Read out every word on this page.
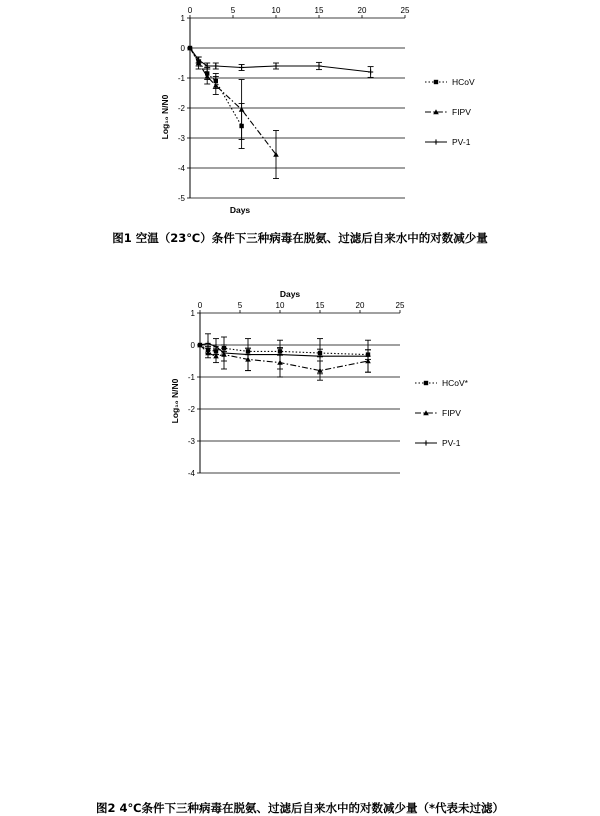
0	5	10	15	20	25
1
0
-1
-2
-3
-4
-5
Log₁₀ N/N0
Days
HCoV
FIPV
PV-1
图1 空温（23℃）条件下三种病毒在脱氨、过滤后自来水中的对数减少量
0	5	10	15	20	25
1
0
-1
-2
-3
-4
Log₁₀ N/N0
Days
HCoV*
FIPV
PV-1
图2 4℃条件下三种病毒在脱氨、过滤后自来水中的对数减少量（*代表未过滤）
